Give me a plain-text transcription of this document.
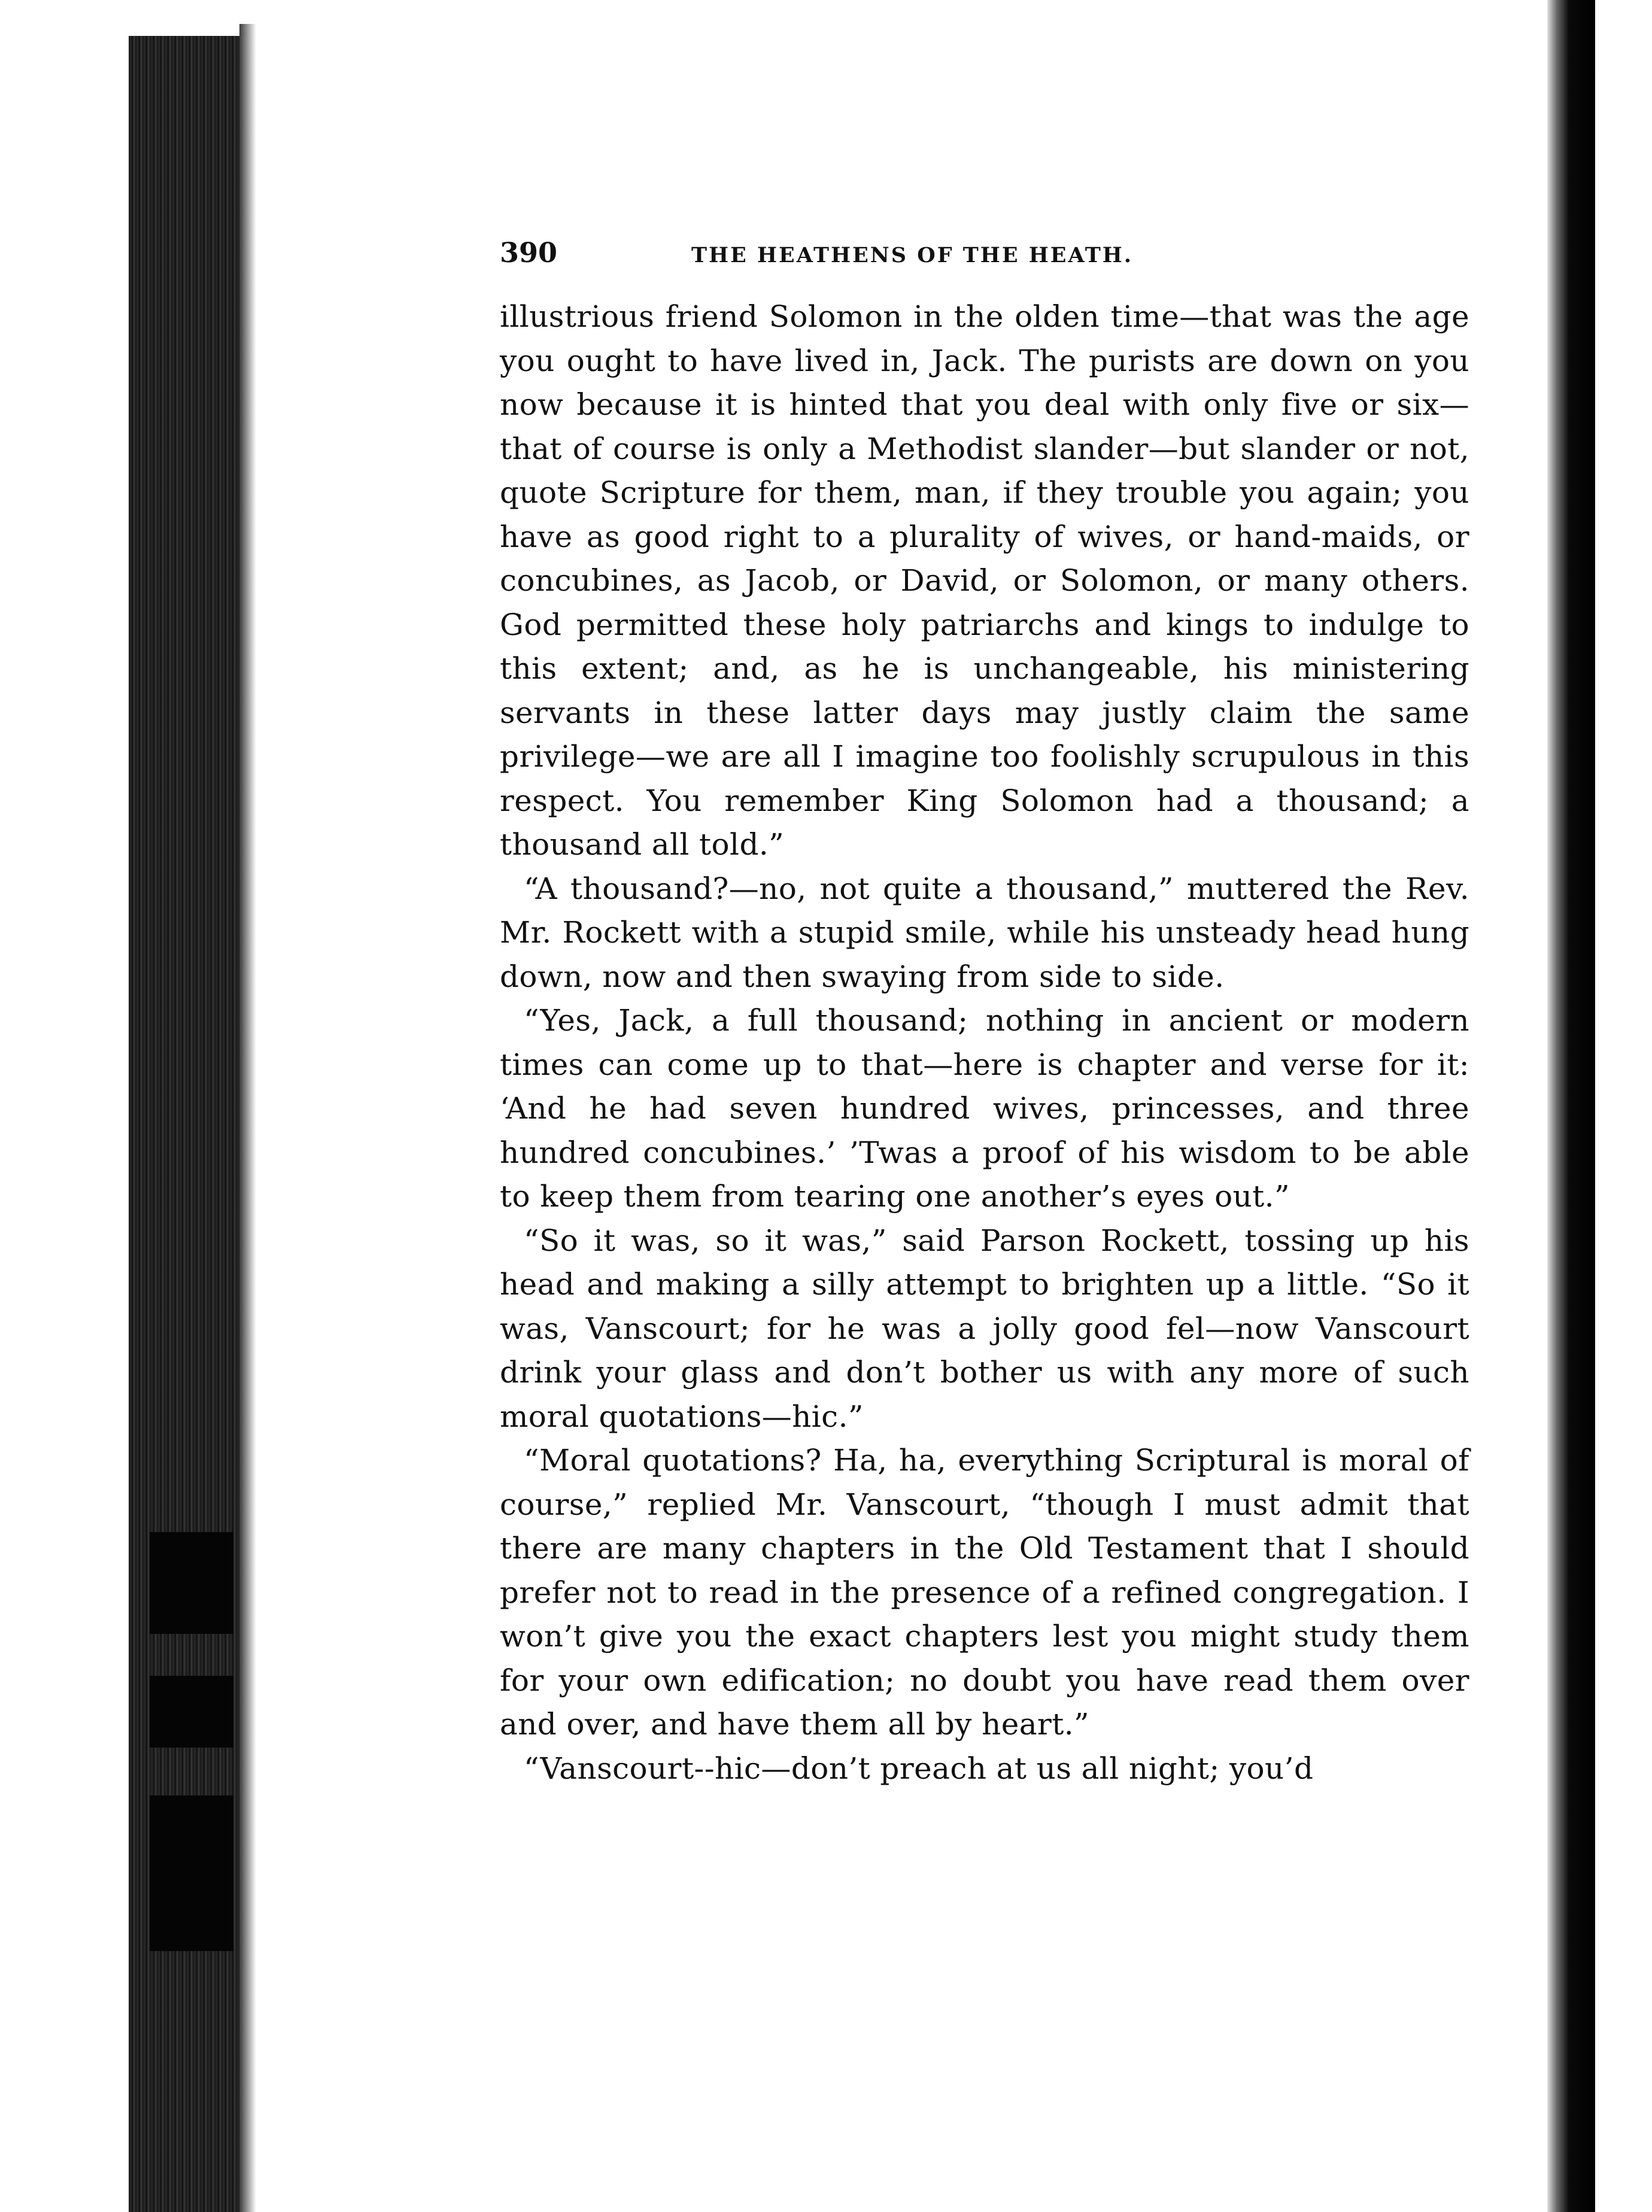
390	THE HEATHENS OF THE HEATH.

illustrious friend Solomon in the olden time—that was the age you ought to have lived in, Jack. The purists are down on you now because it is hinted that you deal with only five or six—that of course is only a Methodist slander—but slander or not, quote Scripture for them, man, if they trouble you again; you have as good right to a plurality of wives, or hand-maids, or concubines, as Jacob, or David, or Solomon, or many others. God permitted these holy patriarchs and kings to indulge to this extent; and, as he is unchangeable, his ministering servants in these latter days may justly claim the same privilege—we are all I imagine too foolishly scrupulous in this respect. You remember King Solomon had a thousand; a thousand all told.”

“A thousand?—no, not quite a thousand,” muttered the Rev. Mr. Rockett with a stupid smile, while his unsteady head hung down, now and then swaying from side to side.

“Yes, Jack, a full thousand; nothing in ancient or modern times can come up to that—here is chapter and verse for it: ‘And he had seven hundred wives, princesses, and three hundred concubines.’ ’Twas a proof of his wisdom to be able to keep them from tearing one another’s eyes out.”

“So it was, so it was,” said Parson Rockett, tossing up his head and making a silly attempt to brighten up a little. “So it was, Vanscourt; for he was a jolly good fel—now Vanscourt drink your glass and don’t bother us with any more of such moral quotations—hic.”

“Moral quotations? Ha, ha, everything Scriptural is moral of course,” replied Mr. Vanscourt, “though I must admit that there are many chapters in the Old Testament that I should prefer not to read in the presence of a refined congregation. I won’t give you the exact chapters lest you might study them for your own edification; no doubt you have read them over and over, and have them all by heart.”

“Vanscourt--hic—don’t preach at us all night; you’d
